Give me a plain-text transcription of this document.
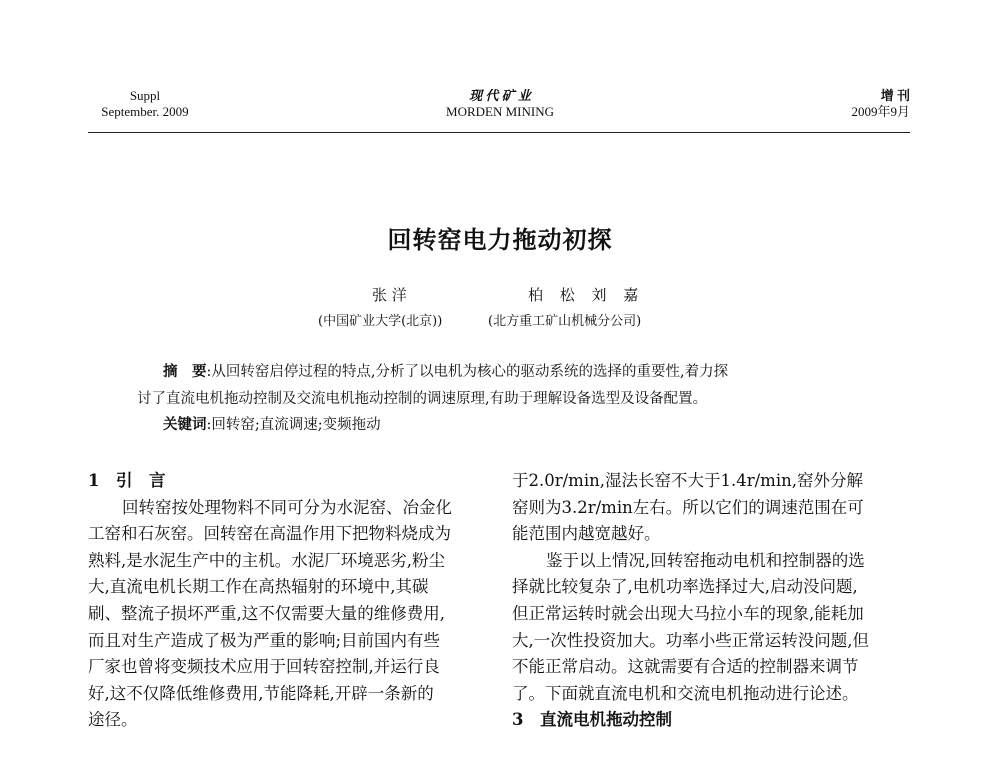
Suppl
September. 2009
现 代 矿 业
MORDEN MINING
增 刊
2009年9月
回转窑电力拖动初探
张 洋	柏 松 刘 嘉
(中国矿业大学(北京))	(北方重工矿山机械分公司)
摘　要:从回转窑启停过程的特点,分析了以电机为核心的驱动系统的选择的重要性,着力探
讨了直流电机拖动控制及交流电机拖动控制的调速原理,有助于理解设备选型及设备配置。
关键词:回转窑;直流调速;变频拖动
1　引　言
回转窑按处理物料不同可分为水泥窑、冶金化
工窑和石灰窑。回转窑在高温作用下把物料烧成为
熟料,是水泥生产中的主机。水泥厂环境恶劣,粉尘
大,直流电机长期工作在高热辐射的环境中,其碳
刷、整流子损坏严重,这不仅需要大量的维修费用,
而且对生产造成了极为严重的影响;目前国内有些
厂家也曾将变频技术应用于回转窑控制,并运行良
好,这不仅降低维修费用,节能降耗,开辟一条新的
途径。
于2.0r/min,湿法长窑不大于1.4r/min,窑外分解
窑则为3.2r/min左右。所以它们的调速范围在可
能范围内越宽越好。
鉴于以上情况,回转窑拖动电机和控制器的选
择就比较复杂了,电机功率选择过大,启动没问题,
但正常运转时就会出现大马拉小车的现象,能耗加
大,一次性投资加大。功率小些正常运转没问题,但
不能正常启动。这就需要有合适的控制器来调节
了。下面就直流电机和交流电机拖动进行论述。
3　直流电机拖动控制
